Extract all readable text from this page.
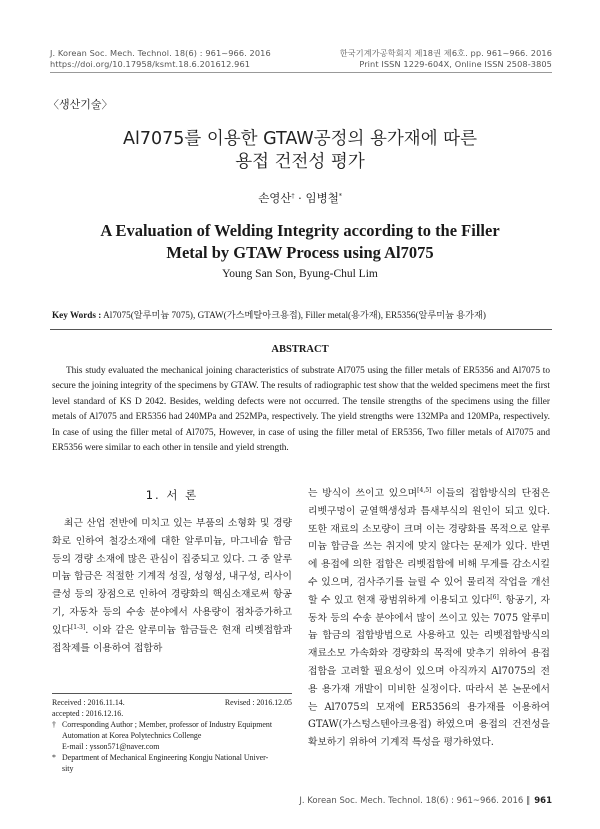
J. Korean Soc. Mech. Technol. 18(6) : 961~966. 2016
https://doi.org/10.17958/ksmt.18.6.201612.961
한국기계가공학회지 제18권 제6호. pp. 961~966. 2016
Print ISSN 1229-604X, Online ISSN 2508-3805
〈생산기술〉
Al7075를 이용한 GTAW공정의 용가재에 따른
용접 건전성 평가
손영산† · 임병철*
A Evaluation of Welding Integrity according to the Filler
Metal by GTAW Process using Al7075
Young San Son, Byung-Chul Lim
Key Words : Al7075(알루미늄 7075), GTAW(가스메탈아크용접), Filler metal(용가재), ER5356(알루미늄 용가재)
ABSTRACT
This study evaluated the mechanical joining characteristics of substrate Al7075 using the filler metals of ER5356 and Al7075 to secure the joining integrity of the specimens by GTAW. The results of radiographic test show that the welded specimens meet the first level standard of KS D 2042. Besides, welding defects were not occurred. The tensile strengths of the specimens using the filler metals of Al7075 and ER5356 had 240MPa and 252MPa, respectively. The yield strengths were 132MPa and 120MPa, respectively. In case of using the filler metal of Al7075, However, in case of using the filler metal of ER5356, Two filler metals of Al7075 and ER5356 were similar to each other in tensile and yield strength.
1. 서 론
최근 산업 전반에 미치고 있는 부품의 소형화 및 경량화로 인하여 철강소재에 대한 알루미늄, 마그네슘 합금 등의 경량 소재에 많은 관심이 집중되고 있다. 그 중 알루미늄 합금은 적절한 기계적 성질, 성형성, 내구성, 리사이클성 등의 장점으로 인하여 경량화의 핵심소재로써 항공기, 자동차 등의 수송 분야에서 사용량이 점차증가하고 있다[1-3]. 이와 같은 알루미늄 합금들은 현재 리벳접합과 접착제를 이용하여 접합하
는 방식이 쓰이고 있으며[4,5] 이들의 접합방식의 단점은 리벳구멍이 균열핵생성과 틈새부식의 원인이 되고 있다. 또한 재료의 소모량이 크며 이는 경량화를 목적으로 알루미늄 합금을 쓰는 취지에 맞지 않다는 문제가 있다. 반면에 용접에 의한 접합은 리벳접합에 비해 무게를 감소시킬 수 있으며, 검사주기를 늘릴 수 있어 물리적 작업을 개선할 수 있고 현재 광범위하게 이용되고 있다[6]. 항공기, 자동차 등의 수송 분야에서 많이 쓰이고 있는 7075 알루미늄 합금의 접합방법으로 사용하고 있는 리벳접합방식의 재료소모 가속화와 경량화의 목적에 맞추기 위하여 용접접합을 고려할 필요성이 있으며 아직까지 Al7075의 전용 용가재 개발이 미비한 실정이다. 따라서 본 논문에서는 Al7075의 모재에 ER5356의 용가재를 이용하여 GTAW(가스텅스텐아크용접) 하였으며 용접의 건전성을 확보하기 위하여 기계적 특성을 평가하였다.
Received : 2016.11.14.	Revised : 2016.12.05
accepted : 2016.12.16.
† Corresponding Author ; Member, professor of Industry Equipment
Automation at Korea Polytechnics Collenge
E-mail : ysson571@naver.com
* Department of Mechanical Engineering Kongju National Univer-
sity
J. Korean Soc. Mech. Technol. 18(6) : 961~966. 2016 ‖ 961
